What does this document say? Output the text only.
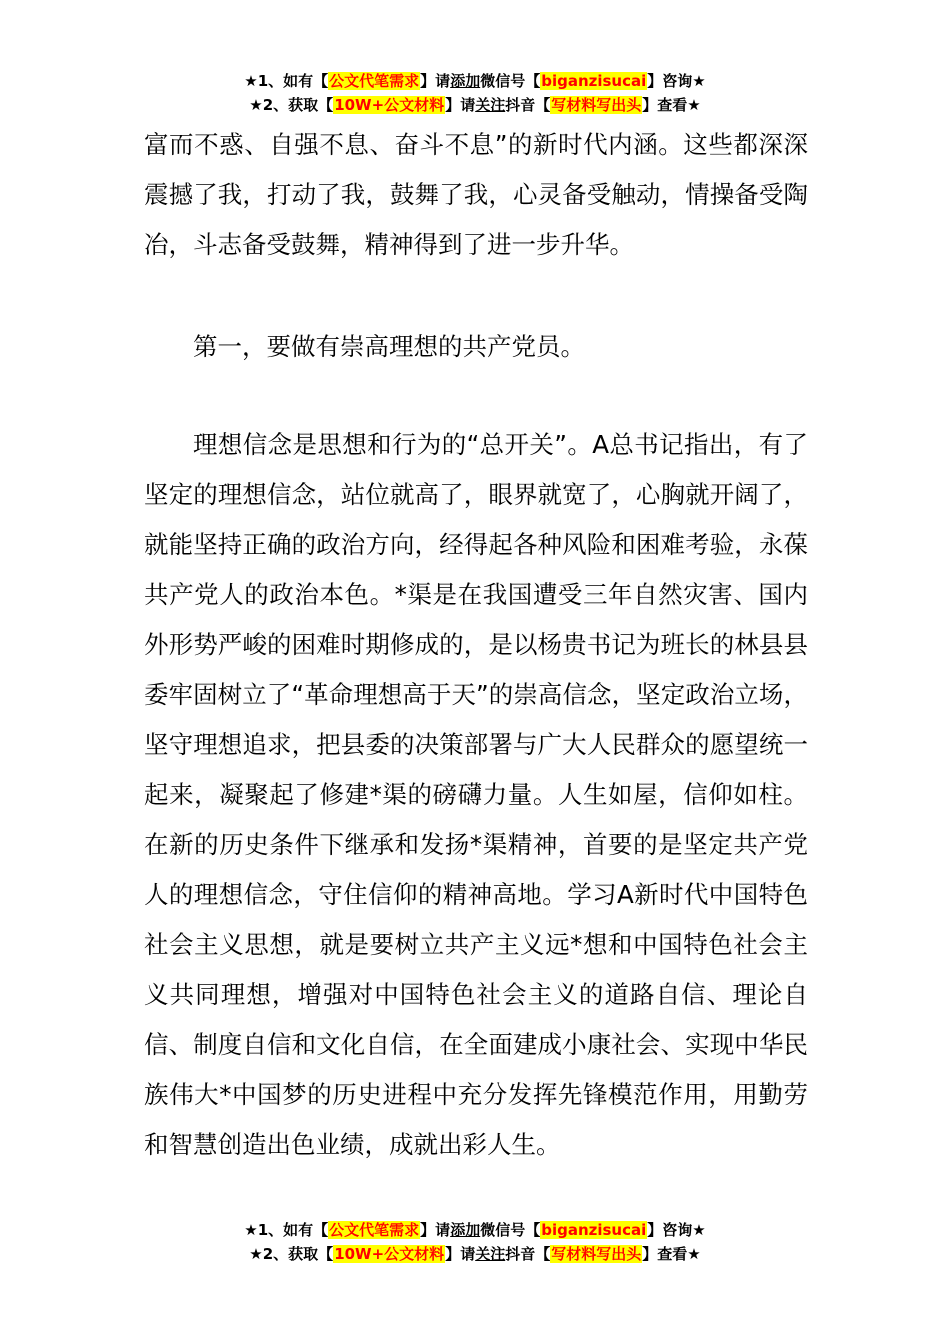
★1、如有【公文代笔需求】请添加微信号【biganzisucai】咨询★
★2、获取【10W+公文材料】请关注抖音【写材料写出头】查看★

富而不惑、自强不息、奋斗不息”的新时代内涵。这些都深深震撼了我，打动了我，鼓舞了我，心灵备受触动，情操备受陶冶，斗志备受鼓舞，精神得到了进一步升华。

第一，要做有崇高理想的共产党员。

理想信念是思想和行为的“总开关”。A总书记指出，有了坚定的理想信念，站位就高了，眼界就宽了，心胸就开阔了，就能坚持正确的政治方向，经得起各种风险和困难考验，永葆共产党人的政治本色。*渠是在我国遭受三年自然灾害、国内外形势严峻的困难时期修成的，是以杨贵书记为班长的林县县委牢固树立了“革命理想高于天”的崇高信念，坚定政治立场，坚守理想追求，把县委的决策部署与广大人民群众的愿望统一起来，凝聚起了修建*渠的磅礴力量。人生如屋，信仰如柱。在新的历史条件下继承和发扬*渠精神，首要的是坚定共产党人的理想信念，守住信仰的精神高地。学习A新时代中国特色社会主义思想，就是要树立共产主义远*想和中国特色社会主义共同理想，增强对中国特色社会主义的道路自信、理论自信、制度自信和文化自信，在全面建成小康社会、实现中华民族伟大*中国梦的历史进程中充分发挥先锋模范作用，用勤劳和智慧创造出色业绩，成就出彩人生。

★1、如有【公文代笔需求】请添加微信号【biganzisucai】咨询★
★2、获取【10W+公文材料】请关注抖音【写材料写出头】查看★
